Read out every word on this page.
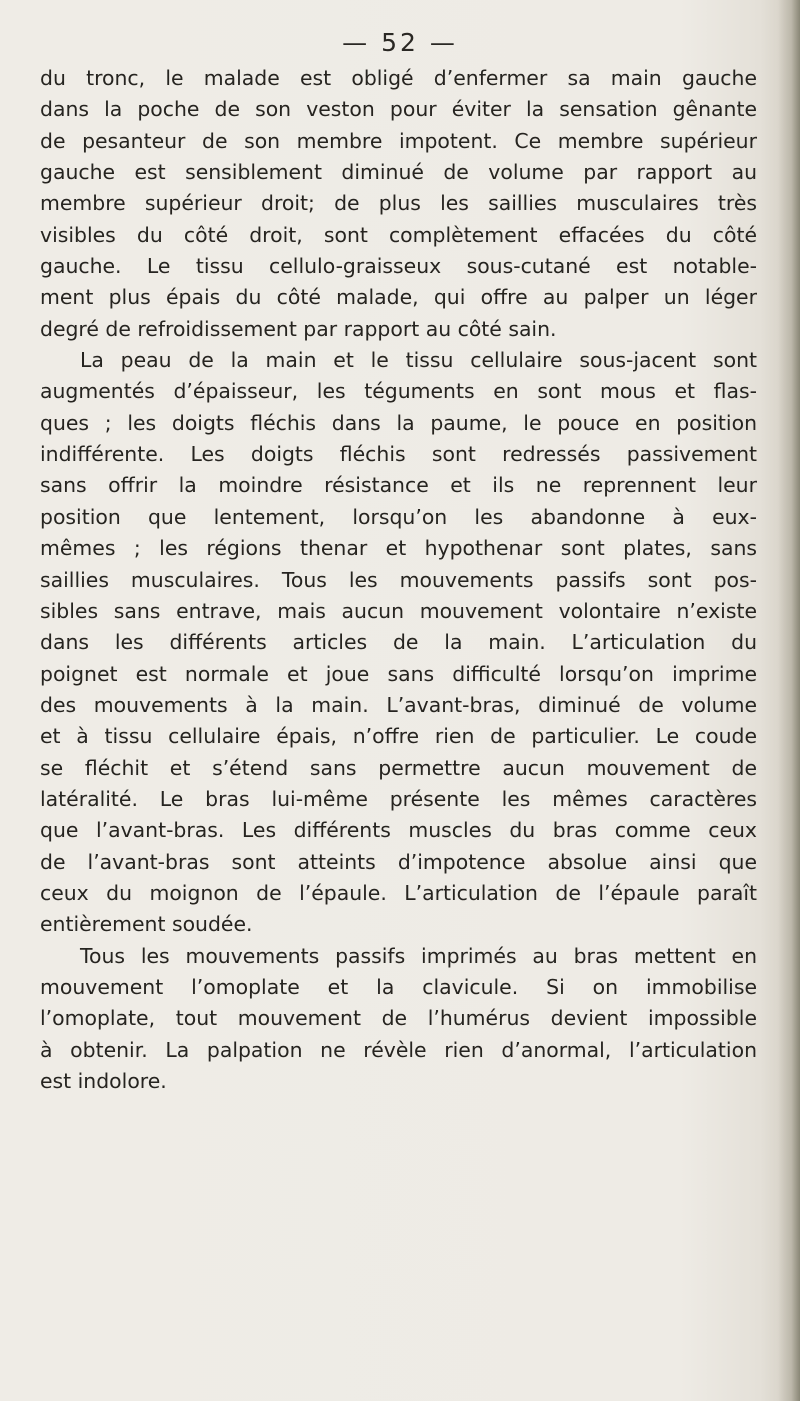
— 52 —
du tronc, le malade est obligé d’enfermer sa main gauche
dans la poche de son veston pour éviter la sensation gênante
de pesanteur de son membre impotent. Ce membre supérieur
gauche est sensiblement diminué de volume par rapport au
membre supérieur droit; de plus les saillies musculaires très
visibles du côté droit, sont complètement effacées du côté
gauche. Le tissu cellulo-graisseux sous-cutané est notable-
ment plus épais du côté malade, qui offre au palper un léger
degré de refroidissement par rapport au côté sain.
La peau de la main et le tissu cellulaire sous-jacent sont
augmentés d’épaisseur, les téguments en sont mous et flas-
ques ; les doigts fléchis dans la paume, le pouce en position
indifférente. Les doigts fléchis sont redressés passivement
sans offrir la moindre résistance et ils ne reprennent leur
position que lentement, lorsqu’on les abandonne à eux-
mêmes ; les régions thenar et hypothenar sont plates, sans
saillies musculaires. Tous les mouvements passifs sont pos-
sibles sans entrave, mais aucun mouvement volontaire n’existe
dans les différents articles de la main. L’articulation du
poignet est normale et joue sans difficulté lorsqu’on imprime
des mouvements à la main. L’avant-bras, diminué de volume
et à tissu cellulaire épais, n’offre rien de particulier. Le coude
se fléchit et s’étend sans permettre aucun mouvement de
latéralité. Le bras lui-même présente les mêmes caractères
que l’avant-bras. Les différents muscles du bras comme ceux
de l’avant-bras sont atteints d’impotence absolue ainsi que
ceux du moignon de l’épaule. L’articulation de l’épaule paraît
entièrement soudée.
Tous les mouvements passifs imprimés au bras mettent en
mouvement l’omoplate et la clavicule. Si on immobilise
l’omoplate, tout mouvement de l’humérus devient impossible
à obtenir. La palpation ne révèle rien d’anormal, l’articulation
est indolore.
